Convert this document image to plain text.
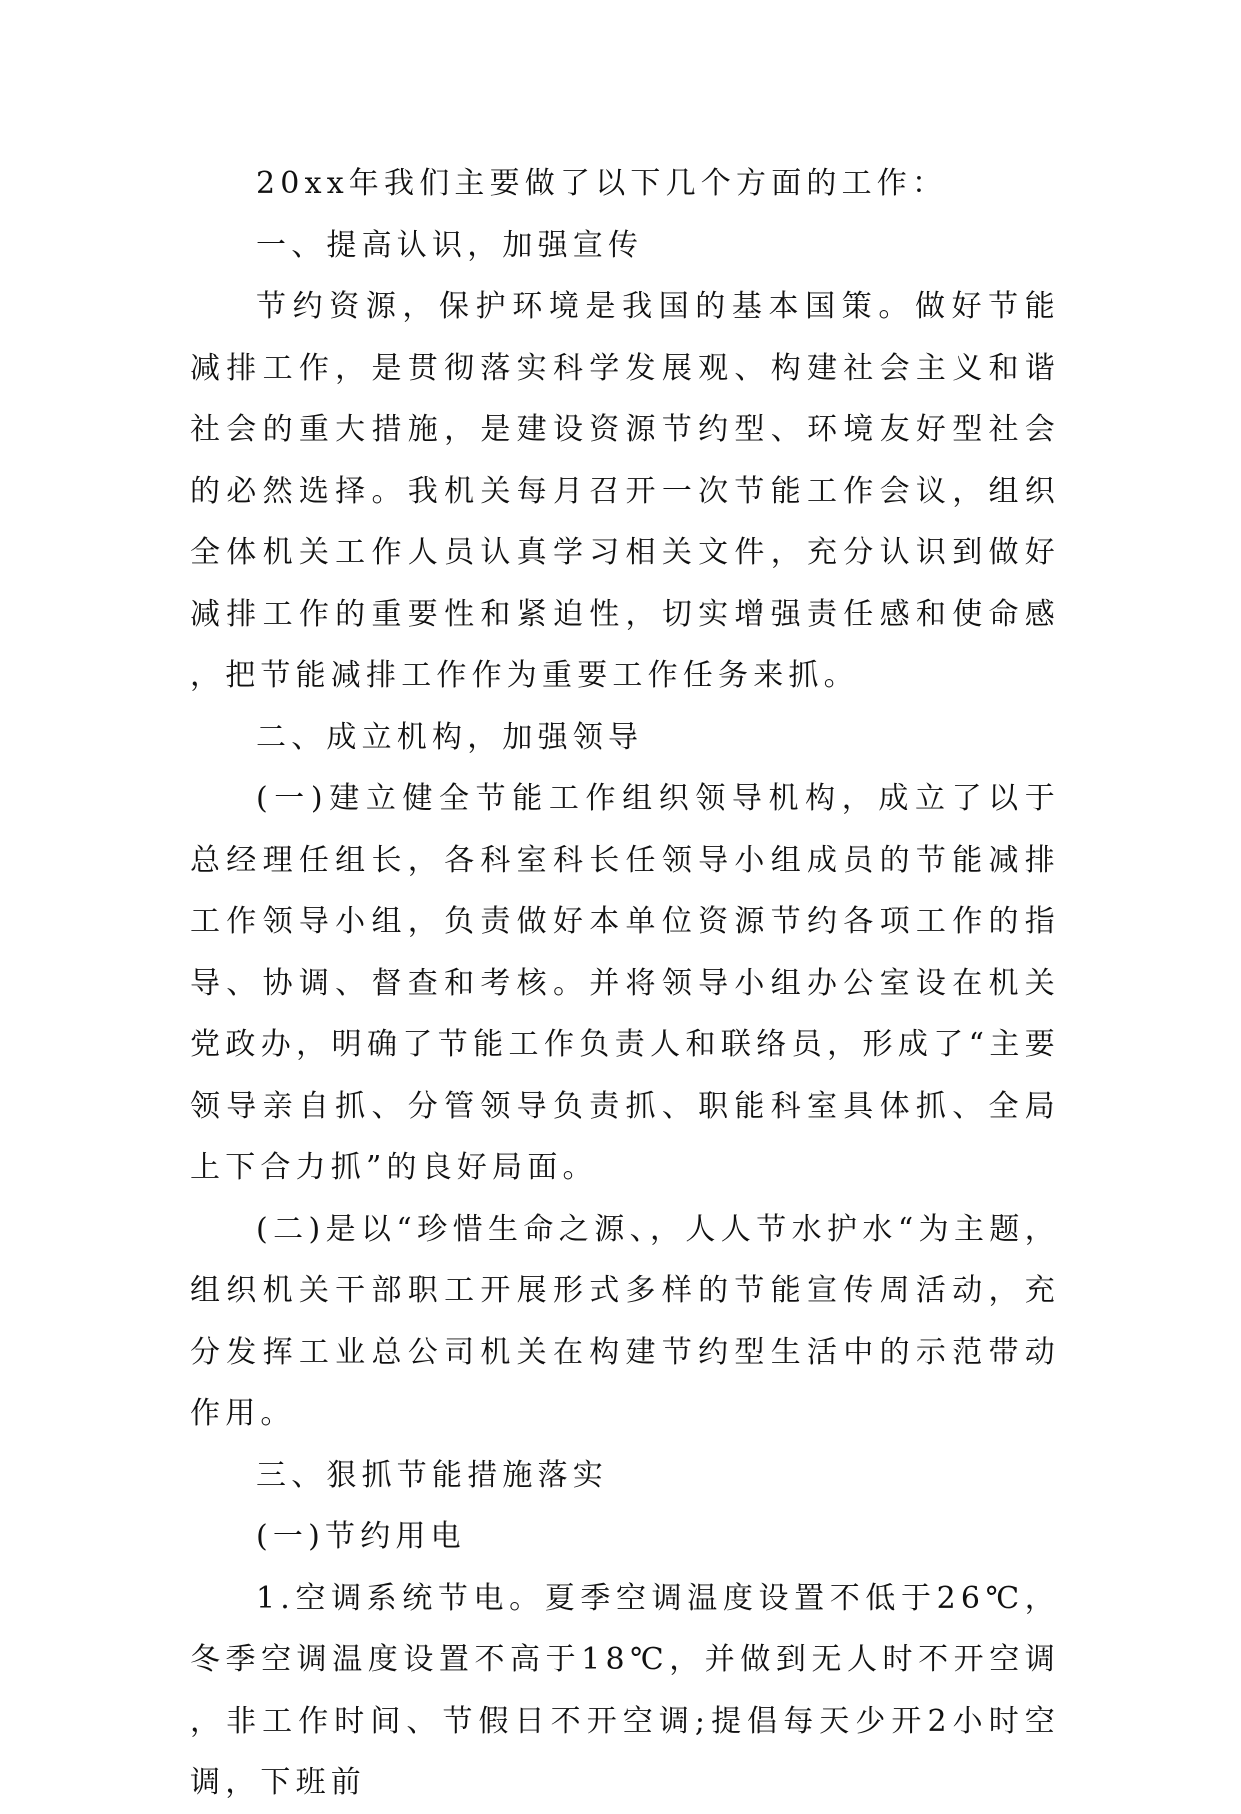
20xx年我们主要做了以下几个方面的工作：

一、提高认识，加强宣传

节约资源，保护环境是我国的基本国策。做好节能减排工作，是贯彻落实科学发展观、构建社会主义和谐社会的重大措施，是建设资源节约型、环境友好型社会的必然选择。我机关每月召开一次节能工作会议，组织全体机关工作人员认真学习相关文件，充分认识到做好减排工作的重要性和紧迫性，切实增强责任感和使命感，把节能减排工作作为重要工作任务来抓。

二、成立机构，加强领导

(一)建立健全节能工作组织领导机构，成立了以于总经理任组长，各科室科长任领导小组成员的节能减排工作领导小组，负责做好本单位资源节约各项工作的指导、协调、督查和考核。并将领导小组办公室设在机关党政办，明确了节能工作负责人和联络员，形成了“主要领导亲自抓、分管领导负责抓、职能科室具体抓、全局上下合力抓”的良好局面。

(二)是以“珍惜生命之源、，人人节水护水“为主题，组织机关干部职工开展形式多样的节能宣传周活动，充分发挥工业总公司机关在构建节约型生活中的示范带动作用。

三、狠抓节能措施落实

(一)节约用电

1.空调系统节电。夏季空调温度设置不低于26℃，冬季空调温度设置不高于18℃，并做到无人时不开空调，非工作时间、节假日不开空调;提倡每天少开2小时空调，下班前
